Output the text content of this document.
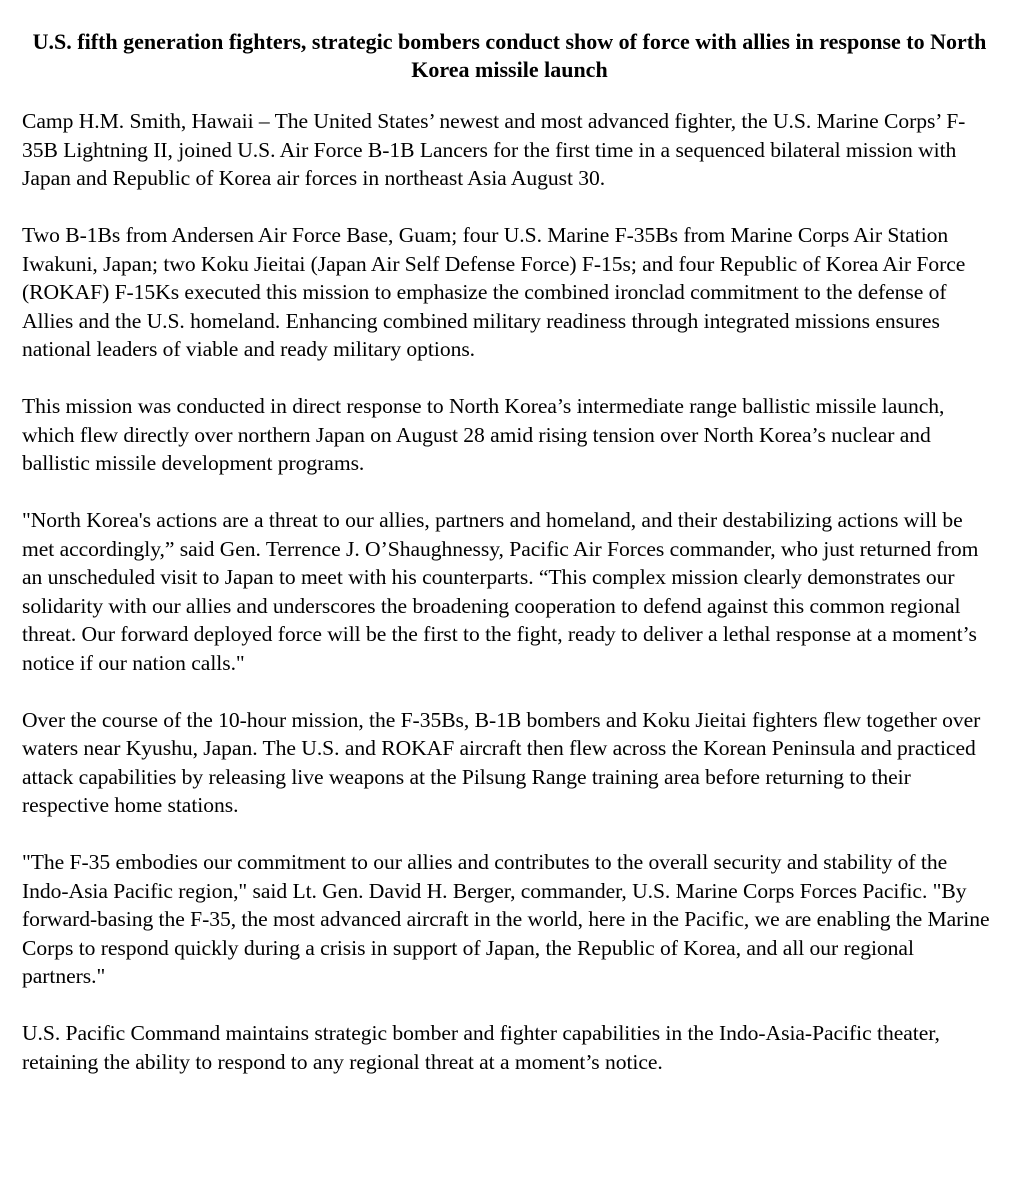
U.S. fifth generation fighters, strategic bombers conduct show of force with allies in response to North Korea missile launch

Camp H.M. Smith, Hawaii – The United States’ newest and most advanced fighter, the U.S. Marine Corps’ F-35B Lightning II, joined U.S. Air Force B-1B Lancers for the first time in a sequenced bilateral mission with Japan and Republic of Korea air forces in northeast Asia August 30.

Two B-1Bs from Andersen Air Force Base, Guam; four U.S. Marine F-35Bs from Marine Corps Air Station Iwakuni, Japan; two Koku Jieitai (Japan Air Self Defense Force) F-15s; and four Republic of Korea Air Force (ROKAF) F-15Ks executed this mission to emphasize the combined ironclad commitment to the defense of Allies and the U.S. homeland. Enhancing combined military readiness through integrated missions ensures national leaders of viable and ready military options.

This mission was conducted in direct response to North Korea’s intermediate range ballistic missile launch, which flew directly over northern Japan on August 28 amid rising tension over North Korea’s nuclear and ballistic missile development programs.

"North Korea's actions are a threat to our allies, partners and homeland, and their destabilizing actions will be met accordingly,” said Gen. Terrence J. O’Shaughnessy, Pacific Air Forces commander, who just returned from an unscheduled visit to Japan to meet with his counterparts. “This complex mission clearly demonstrates our solidarity with our allies and underscores the broadening cooperation to defend against this common regional threat. Our forward deployed force will be the first to the fight, ready to deliver a lethal response at a moment’s notice if our nation calls."

Over the course of the 10-hour mission, the F-35Bs, B-1B bombers and Koku Jieitai fighters flew together over waters near Kyushu, Japan. The U.S. and ROKAF aircraft then flew across the Korean Peninsula and practiced attack capabilities by releasing live weapons at the Pilsung Range training area before returning to their respective home stations.

"The F-35 embodies our commitment to our allies and contributes to the overall security and stability of the Indo-Asia Pacific region," said Lt. Gen. David H. Berger, commander, U.S. Marine Corps Forces Pacific. "By forward-basing the F-35, the most advanced aircraft in the world, here in the Pacific, we are enabling the Marine Corps to respond quickly during a crisis in support of Japan, the Republic of Korea, and all our regional partners."

U.S. Pacific Command maintains strategic bomber and fighter capabilities in the Indo-Asia-Pacific theater, retaining the ability to respond to any regional threat at a moment’s notice.
